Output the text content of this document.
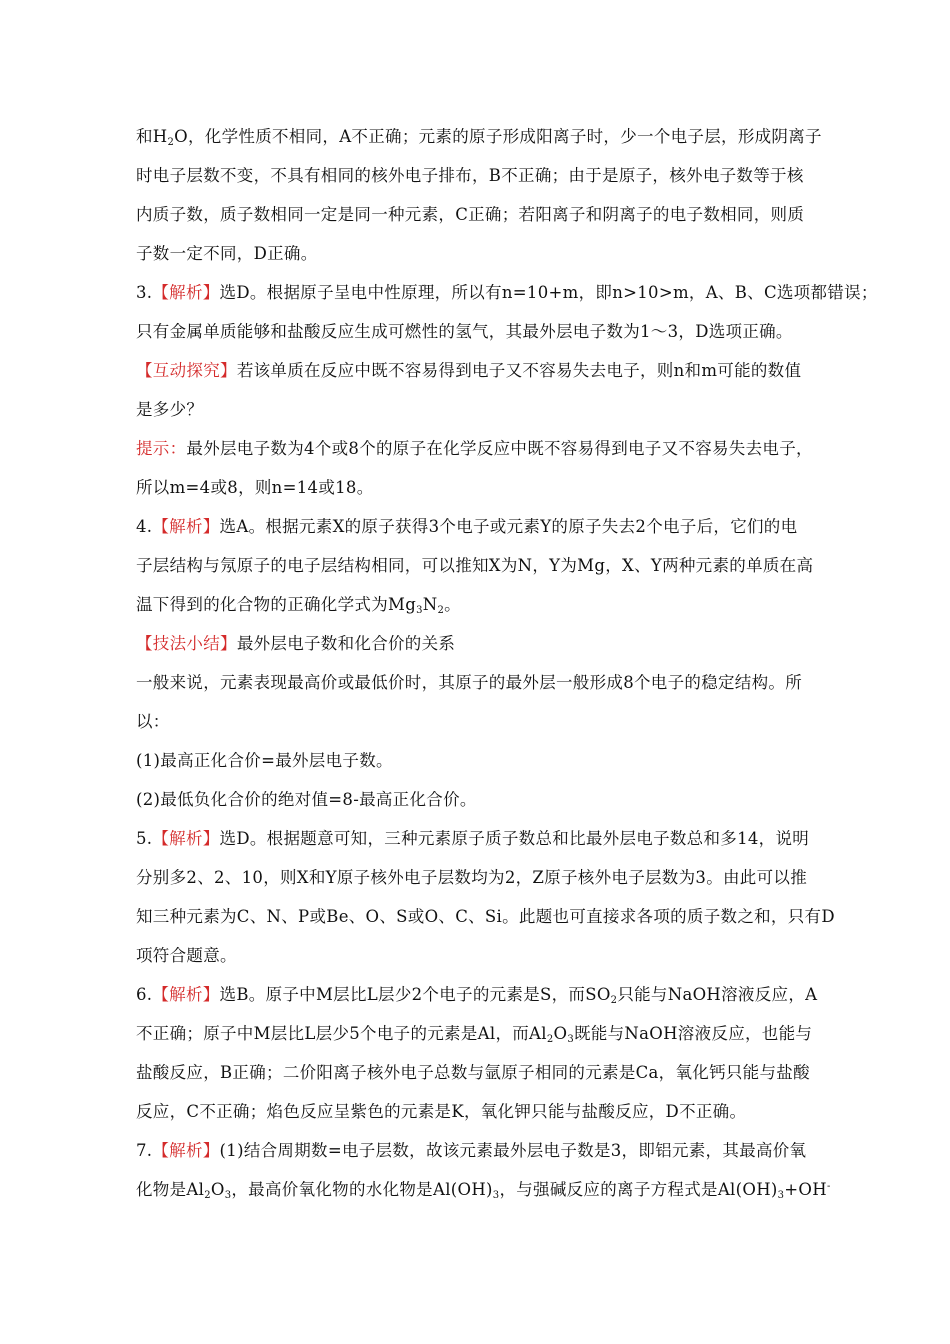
和$H_2O$，化学性质不相同，A不正确；元素的原子形成阳离子时，少一个电子层，形成阴离子
时电子层数不变，不具有相同的核外电子排布，B不正确；由于是原子，核外电子数等于核
内质子数，质子数相同一定是同一种元素，C正确；若阳离子和阴离子的电子数相同，则质
子数一定不同，D正确。
3.【解析】选D。根据原子呈电中性原理，所以有n=10+m，即n>10>m，A、B、C选项都错误；
只有金属单质能够和盐酸反应生成可燃性的氢气，其最外层电子数为1～3，D选项正确。
【互动探究】若该单质在反应中既不容易得到电子又不容易失去电子，则n和m可能的数值
是多少？
提示：最外层电子数为4个或8个的原子在化学反应中既不容易得到电子又不容易失去电子，
所以m=4或8，则n=14或18。
4.【解析】选A。根据元素X的原子获得3个电子或元素Y的原子失去2个电子后，它们的电
子层结构与氖原子的电子层结构相同，可以推知X为N，Y为Mg，X、Y两种元素的单质在高
温下得到的化合物的正确化学式为$Mg_3N_2$。
【技法小结】最外层电子数和化合价的关系
一般来说，元素表现最高价或最低价时，其原子的最外层一般形成8个电子的稳定结构。所
以：
(1)最高正化合价=最外层电子数。
(2)最低负化合价的绝对值=8-最高正化合价。
5.【解析】选D。根据题意可知，三种元素原子质子数总和比最外层电子数总和多14，说明
分别多2、2、10，则X和Y原子核外电子层数均为2，Z原子核外电子层数为3。由此可以推
知三种元素为C、N、P或Be、O、S或O、C、Si。此题也可直接求各项的质子数之和，只有D
项符合题意。
6.【解析】选B。原子中M层比L层少2个电子的元素是S，而$SO_2$只能与NaOH溶液反应，A
不正确；原子中M层比L层少5个电子的元素是Al，而$Al_2O_3$既能与NaOH溶液反应，也能与
盐酸反应，B正确；二价阳离子核外电子总数与氩原子相同的元素是Ca，氧化钙只能与盐酸
反应，C不正确；焰色反应呈紫色的元素是K，氧化钾只能与盐酸反应，D不正确。
7.【解析】(1)结合周期数=电子层数，故该元素最外层电子数是3，即铝元素，其最高价氧
化物是$Al_2O_3$，最高价氧化物的水化物是$Al(OH)_3$，与强碱反应的离子方程式是$Al(OH)_3+OH^-$
